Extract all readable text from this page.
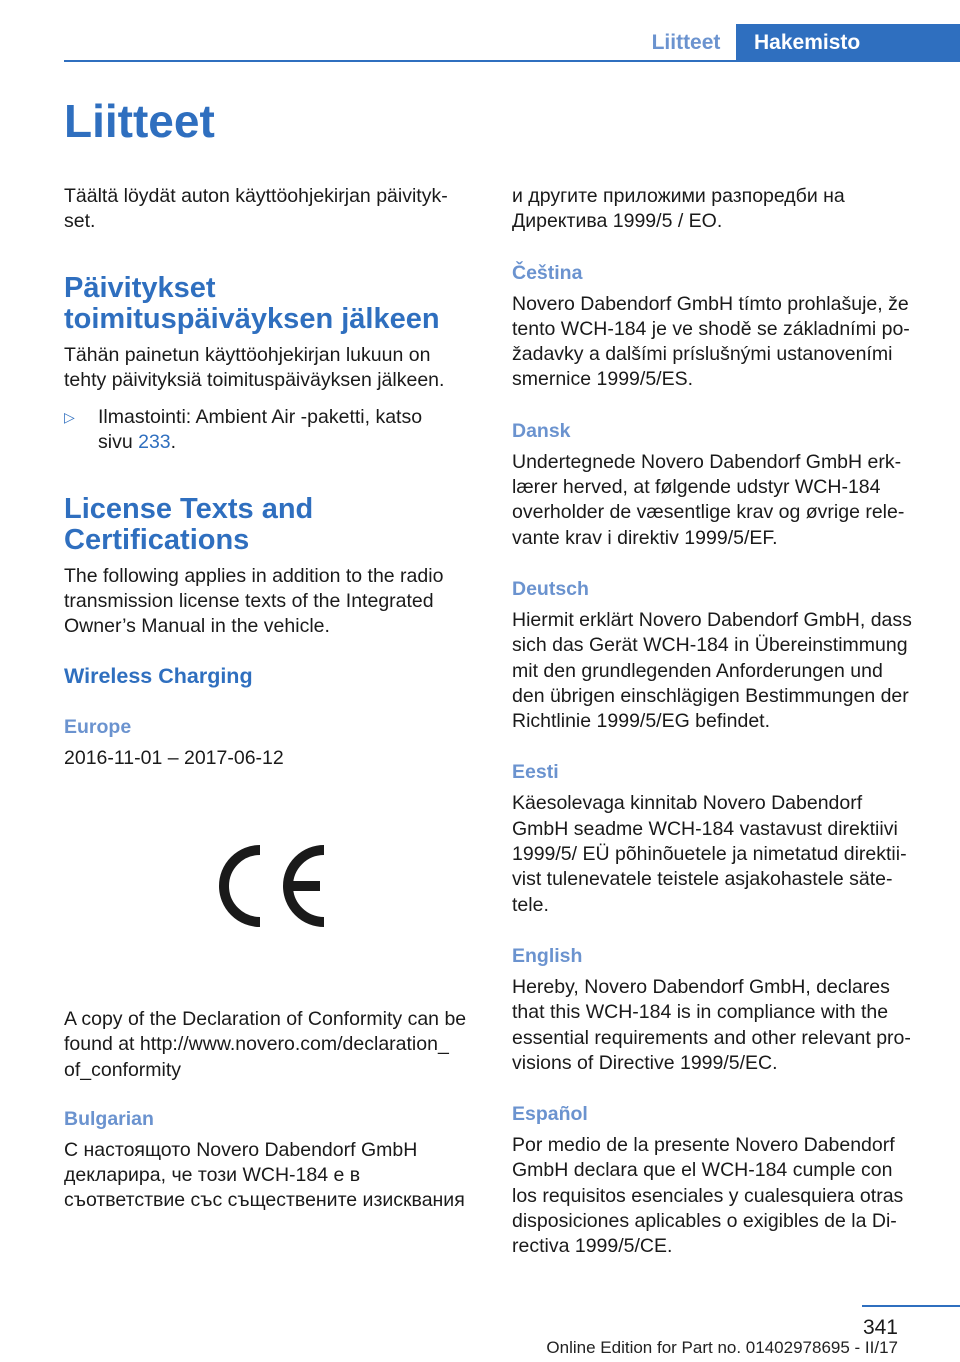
Liitteet	Hakemisto
Liitteet

Täältä löydät auton käyttöohjekirjan päivityk-
set.

Päivitykset
toimituspäiväyksen jälkeen

Tähän painetun käyttöohjekirjan lukuun on
tehty päivityksiä toimituspäiväyksen jälkeen.

▷ Ilmastointi: Ambient Air -paketti, katso
sivu 233.
License Texts and
Certifications

The following applies in addition to the radio
transmission license texts of the Integrated
Owner’s Manual in the vehicle.

Wireless Charging
Europe

2016-11-01 – 2017-06-12

A copy of the Declaration of Conformity can be
found at http://www.novero.com/declaration_
of_conformity

Bulgarian

С настоящото Novero Dabendorf GmbH
декларира, че този WCH-184 е в
съответствие със съществените изисквания

и другите приложими разпоредби на
Директива 1999/5 / ЕО.

Čeština

Novero Dabendorf GmbH tímto prohlašuje, že
tento WCH-184 je ve shodě se základními po-
žadavky a dalšími príslušnými ustanoveními
smernice 1999/5/ES.

Dansk

Undertegnede Novero Dabendorf GmbH erk-
lærer herved, at følgende udstyr WCH-184
overholder de væsentlige krav og øvrige rele-
vante krav i direktiv 1999/5/EF.

Deutsch

Hiermit erklärt Novero Dabendorf GmbH, dass
sich das Gerät WCH-184 in Übereinstimmung
mit den grundlegenden Anforderungen und
den übrigen einschlägigen Bestimmungen der
Richtlinie 1999/5/EG befindet.

Eesti

Käesolevaga kinnitab Novero Dabendorf
GmbH seadme WCH-184 vastavust direktiivi
1999/5/ EÜ põhinõuetele ja nimetatud direktii-
vist tulenevatele teistele asjakohastele säte-
tele.

English

Hereby, Novero Dabendorf GmbH, declares
that this WCH-184 is in compliance with the
essential requirements and other relevant pro-
visions of Directive 1999/5/EC.

Español

Por medio de la presente Novero Dabendorf
GmbH declara que el WCH-184 cumple con
los requisitos esenciales y cualesquiera otras
disposiciones aplicables o exigibles de la Di-
rectiva 1999/5/CE.

341
Online Edition for Part no. 01402978695 - II/17
